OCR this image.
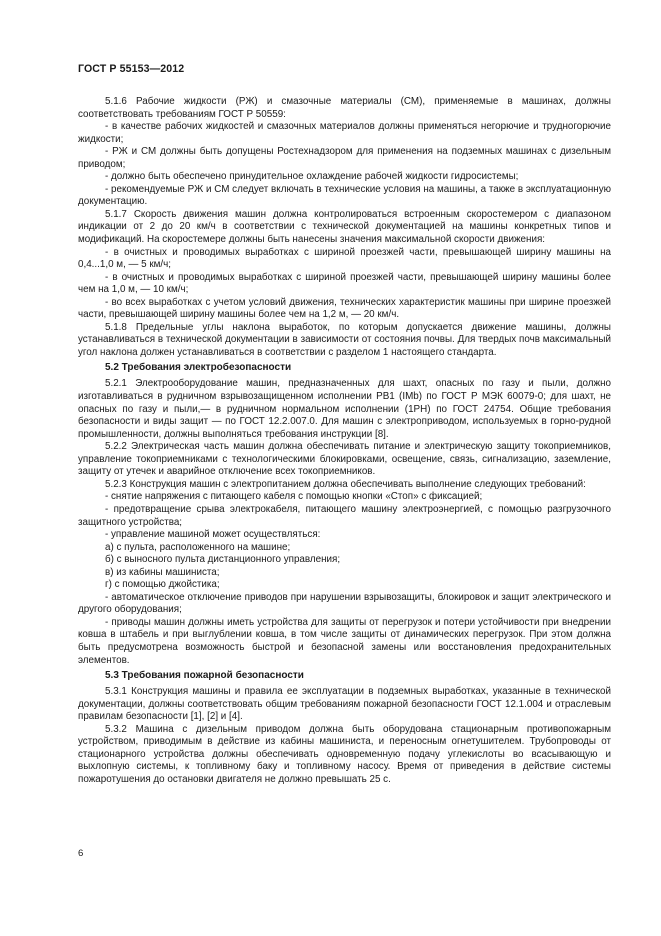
ГОСТ Р 55153—2012

5.1.6 Рабочие жидкости (РЖ) и смазочные материалы (СМ), применяемые в машинах, должны соответствовать требованиям ГОСТ Р 50559:

- в качестве рабочих жидкостей и смазочных материалов должны применяться негорючие и трудногорючие жидкости;

- РЖ и СМ должны быть допущены Ростехнадзором для применения на подземных машинах с дизельным приводом;

- должно быть обеспечено принудительное охлаждение рабочей жидкости гидросистемы;

- рекомендуемые РЖ и СМ следует включать в технические условия на машины, а также в эксплуатационную документацию.

5.1.7 Скорость движения машин должна контролироваться встроенным скоростемером с диапазоном индикации от 2 до 20 км/ч в соответствии с технической документацией на машины конкретных типов и модификаций. На скоростемере должны быть нанесены значения максимальной скорости движения:

- в очистных и проводимых выработках с шириной проезжей части, превышающей ширину машины на 0,4...1,0 м, — 5 км/ч;

- в очистных и проводимых выработках с шириной проезжей части, превышающей ширину машины более чем на 1,0 м, — 10 км/ч;

- во всех выработках с учетом условий движения, технических характеристик машины при ширине проезжей части, превышающей ширину машины более чем на 1,2 м, — 20 км/ч.

5.1.8 Предельные углы наклона выработок, по которым допускается движение машины, должны устанавливаться в технической документации в зависимости от состояния почвы. Для твердых почв максимальный угол наклона должен устанавливаться в соответствии с разделом 1 настоящего стандарта.

5.2 Требования электробезопасности

5.2.1 Электрооборудование машин, предназначенных для шахт, опасных по газу и пыли, должно изготавливаться в рудничном взрывозащищенном исполнении РВ1 (IMb) по ГОСТ Р МЭК 60079-0; для шахт, не опасных по газу и пыли,— в рудничном нормальном исполнении (1РН) по ГОСТ 24754. Общие требования безопасности и виды защит — по ГОСТ 12.2.007.0. Для машин с электроприводом, используемых в горно-рудной промышленности, должны выполняться требования инструкции [8].

5.2.2 Электрическая часть машин должна обеспечивать питание и электрическую защиту токоприемников, управление токоприемниками с технологическими блокировками, освещение, связь, сигнализацию, заземление, защиту от утечек и аварийное отключение всех токоприемников.

5.2.3 Конструкция машин с электропитанием должна обеспечивать выполнение следующих требований:

- снятие напряжения с питающего кабеля с помощью кнопки «Стоп» с фиксацией;

- предотвращение срыва электрокабеля, питающего машину электроэнергией, с помощью разгрузочного защитного устройства;

- управление машиной может осуществляться:

а) с пульта, расположенного на машине;

б) с выносного пульта дистанционного управления;

в) из кабины машиниста;

г) с помощью джойстика;

- автоматическое отключение приводов при нарушении взрывозащиты, блокировок и защит электрического и другого оборудования;

- приводы машин должны иметь устройства для защиты от перегрузок и потери устойчивости при внедрении ковша в штабель и при выглублении ковша, в том числе защиты от динамических перегрузок. При этом должна быть предусмотрена возможность быстрой и безопасной замены или восстановления предохранительных элементов.

5.3 Требования пожарной безопасности

5.3.1 Конструкция машины и правила ее эксплуатации в подземных выработках, указанные в технической документации, должны соответствовать общим требованиям пожарной безопасности ГОСТ 12.1.004 и отраслевым правилам безопасности [1], [2] и [4].

5.3.2 Машина с дизельным приводом должна быть оборудована стационарным противопожарным устройством, приводимым в действие из кабины машиниста, и переносным огнетушителем. Трубопроводы от стационарного устройства должны обеспечивать одновременную подачу углекислоты во всасывающую и выхлопную системы, к топливному баку и топливному насосу. Время от приведения в действие системы пожаротушения до остановки двигателя не должно превышать 25 с.

6
